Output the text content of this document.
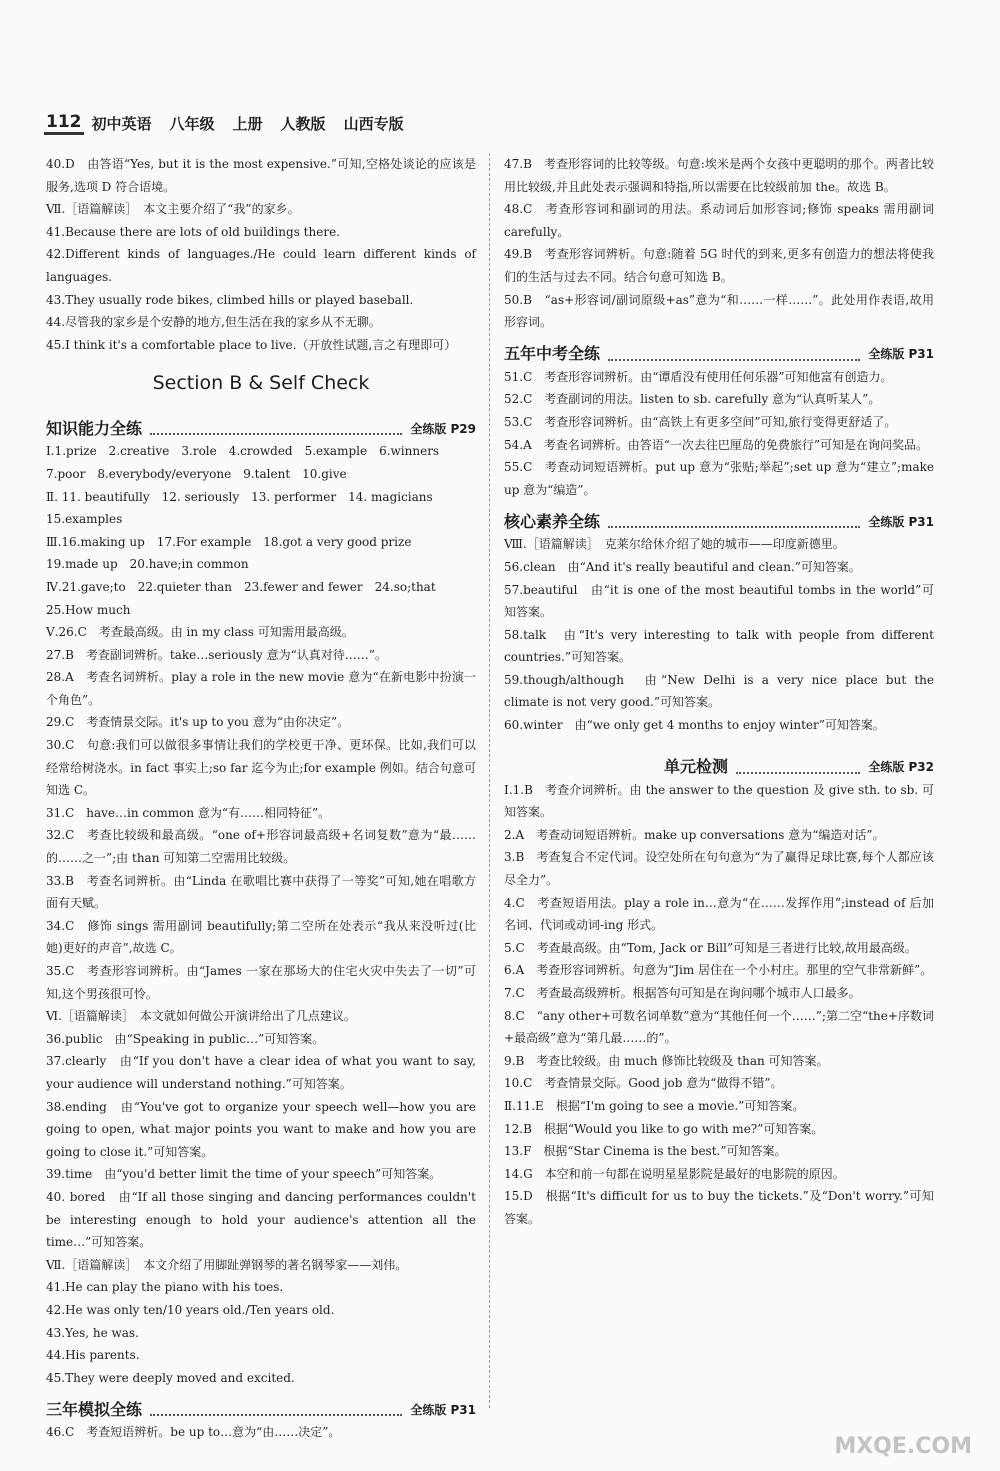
112 初中英语 八年级 上册 人教版 山西专版

40.D　由答语“Yes, but it is the most expensive.”可知,空格处谈论的应该是服务,选项 D 符合语境。

Ⅶ.［语篇解读］　本文主要介绍了“我”的家乡。

41.Because there are lots of old buildings there.

42.Different kinds of languages./He could learn different kinds of languages.

43.They usually rode bikes, climbed hills or played baseball.

44.尽管我的家乡是个安静的地方,但生活在我的家乡从不无聊。

45.I think it's a comfortable place to live.（开放性试题,言之有理即可）

Section B & Self Check
知识能力全练	全练版 P29

Ⅰ.1.prize　2.creative　3.role　4.crowded　5.example　6.winners

7.poor　8.everybody/everyone　9.talent　10.give

Ⅱ. 11. beautifully　12. seriously　13. performer　14. magicians

15.examples

Ⅲ.16.making up　17.For example　18.got a very good prize

19.made up　20.have;in common

Ⅳ.21.gave;to　22.quieter than　23.fewer and fewer　24.so;that

25.How much

Ⅴ.26.C　考查最高级。由 in my class 可知需用最高级。

27.B　考查副词辨析。take…seriously 意为“认真对待……”。

28.A　考查名词辨析。play a role in the new movie 意为“在新电影中扮演一个角色”。

29.C　考查情景交际。it's up to you 意为“由你决定”。

30.C　句意:我们可以做很多事情让我们的学校更干净、更环保。比如,我们可以经常给树浇水。in fact 事实上;so far 迄今为止;for example 例如。结合句意可知选 C。

31.C　have…in common 意为“有……相同特征”。

32.C　考查比较级和最高级。“one of+形容词最高级+名词复数”意为“最……的……之一”;由 than 可知第二空需用比较级。

33.B　考查名词辨析。由“Linda 在歌唱比赛中获得了一等奖”可知,她在唱歌方面有天赋。

34.C　修饰 sings 需用副词 beautifully;第二空所在处表示“我从来没听过(比她)更好的声音”,故选 C。

35.C　考查形容词辨析。由“James 一家在那场大的住宅火灾中失去了一切”可知,这个男孩很可怜。

Ⅵ.［语篇解读］　本文就如何做公开演讲给出了几点建议。

36.public　由“Speaking in public…”可知答案。

37.clearly　由“If you don't have a clear idea of what you want to say, your audience will understand nothing.”可知答案。

38.ending　由“You've got to organize your speech well—how you are going to open, what major points you want to make and how you are going to close it.”可知答案。

39.time　由“you'd better limit the time of your speech”可知答案。

40. bored　由“If all those singing and dancing performances couldn't be interesting enough to hold your audience's attention all the time…”可知答案。

Ⅶ.［语篇解读］　本文介绍了用脚趾弹钢琴的著名钢琴家——刘伟。

41.He can play the piano with his toes.

42.He was only ten/10 years old./Ten years old.

43.Yes, he was.

44.His parents.

45.They were deeply moved and excited.

三年模拟全练	全练版 P31

46.C　考查短语辨析。be up to…意为“由……决定”。

47.B　考查形容词的比较等级。句意:埃米是两个女孩中更聪明的那个。两者比较用比较级,并且此处表示强调和特指,所以需要在比较级前加 the。故选 B。

48.C　考查形容词和副词的用法。系动词后加形容词;修饰 speaks 需用副词 carefully。

49.B　考查形容词辨析。句意:随着 5G 时代的到来,更多有创造力的想法将使我们的生活与过去不同。结合句意可知选 B。

50.B　“as+形容词/副词原级+as”意为“和……一样……”。此处用作表语,故用形容词。

五年中考全练	全练版 P31

51.C　考查形容词辨析。由“谭盾没有使用任何乐器”可知他富有创造力。

52.C　考查副词的用法。listen to sb. carefully 意为“认真听某人”。

53.C　考查形容词辨析。由“高铁上有更多空间”可知,旅行变得更舒适了。

54.A　考查名词辨析。由答语“一次去往巴厘岛的免费旅行”可知是在询问奖品。

55.C　考查动词短语辨析。put up 意为“张贴;举起”;set up 意为“建立”;make up 意为“编造”。

核心素养全练	全练版 P31

Ⅷ.［语篇解读］　克莱尔给休介绍了她的城市——印度新德里。

56.clean　由“And it's really beautiful and clean.”可知答案。

57.beautiful　由“it is one of the most beautiful tombs in the world”可知答案。

58.talk　由“It's very interesting to talk with people from different countries.”可知答案。

59.though/although　由“New Delhi is a very nice place but the climate is not very good.”可知答案。

60.winter　由“we only get 4 months to enjoy winter”可知答案。

单元检测	全练版 P32

Ⅰ.1.B　考查介词辨析。由 the answer to the question 及 give sth. to sb. 可知答案。

2.A　考查动词短语辨析。make up conversations 意为“编造对话”。

3.B　考查复合不定代词。设空处所在句句意为“为了赢得足球比赛,每个人都应该尽全力”。

4.C　考查短语用法。play a role in…意为“在……发挥作用”;instead of 后加名词、代词或动词-ing 形式。

5.C　考查最高级。由“Tom, Jack or Bill”可知是三者进行比较,故用最高级。

6.A　考查形容词辨析。句意为“Jim 居住在一个小村庄。那里的空气非常新鲜”。

7.C　考查最高级辨析。根据答句可知是在询问哪个城市人口最多。

8.C　“any other+可数名词单数”意为“其他任何一个……”;第二空“the+序数词+最高级”意为“第几最……的”。

9.B　考查比较级。由 much 修饰比较级及 than 可知答案。

10.C　考查情景交际。Good job 意为“做得不错”。

Ⅱ.11.E　根据“I'm going to see a movie.”可知答案。

12.B　根据“Would you like to go with me?”可知答案。

13.F　根据“Star Cinema is the best.”可知答案。

14.G　本空和前一句都在说明星星影院是最好的电影院的原因。

15.D　根据“It's difficult for us to buy the tickets.”及“Don't worry.”可知答案。

MXQE.COM
